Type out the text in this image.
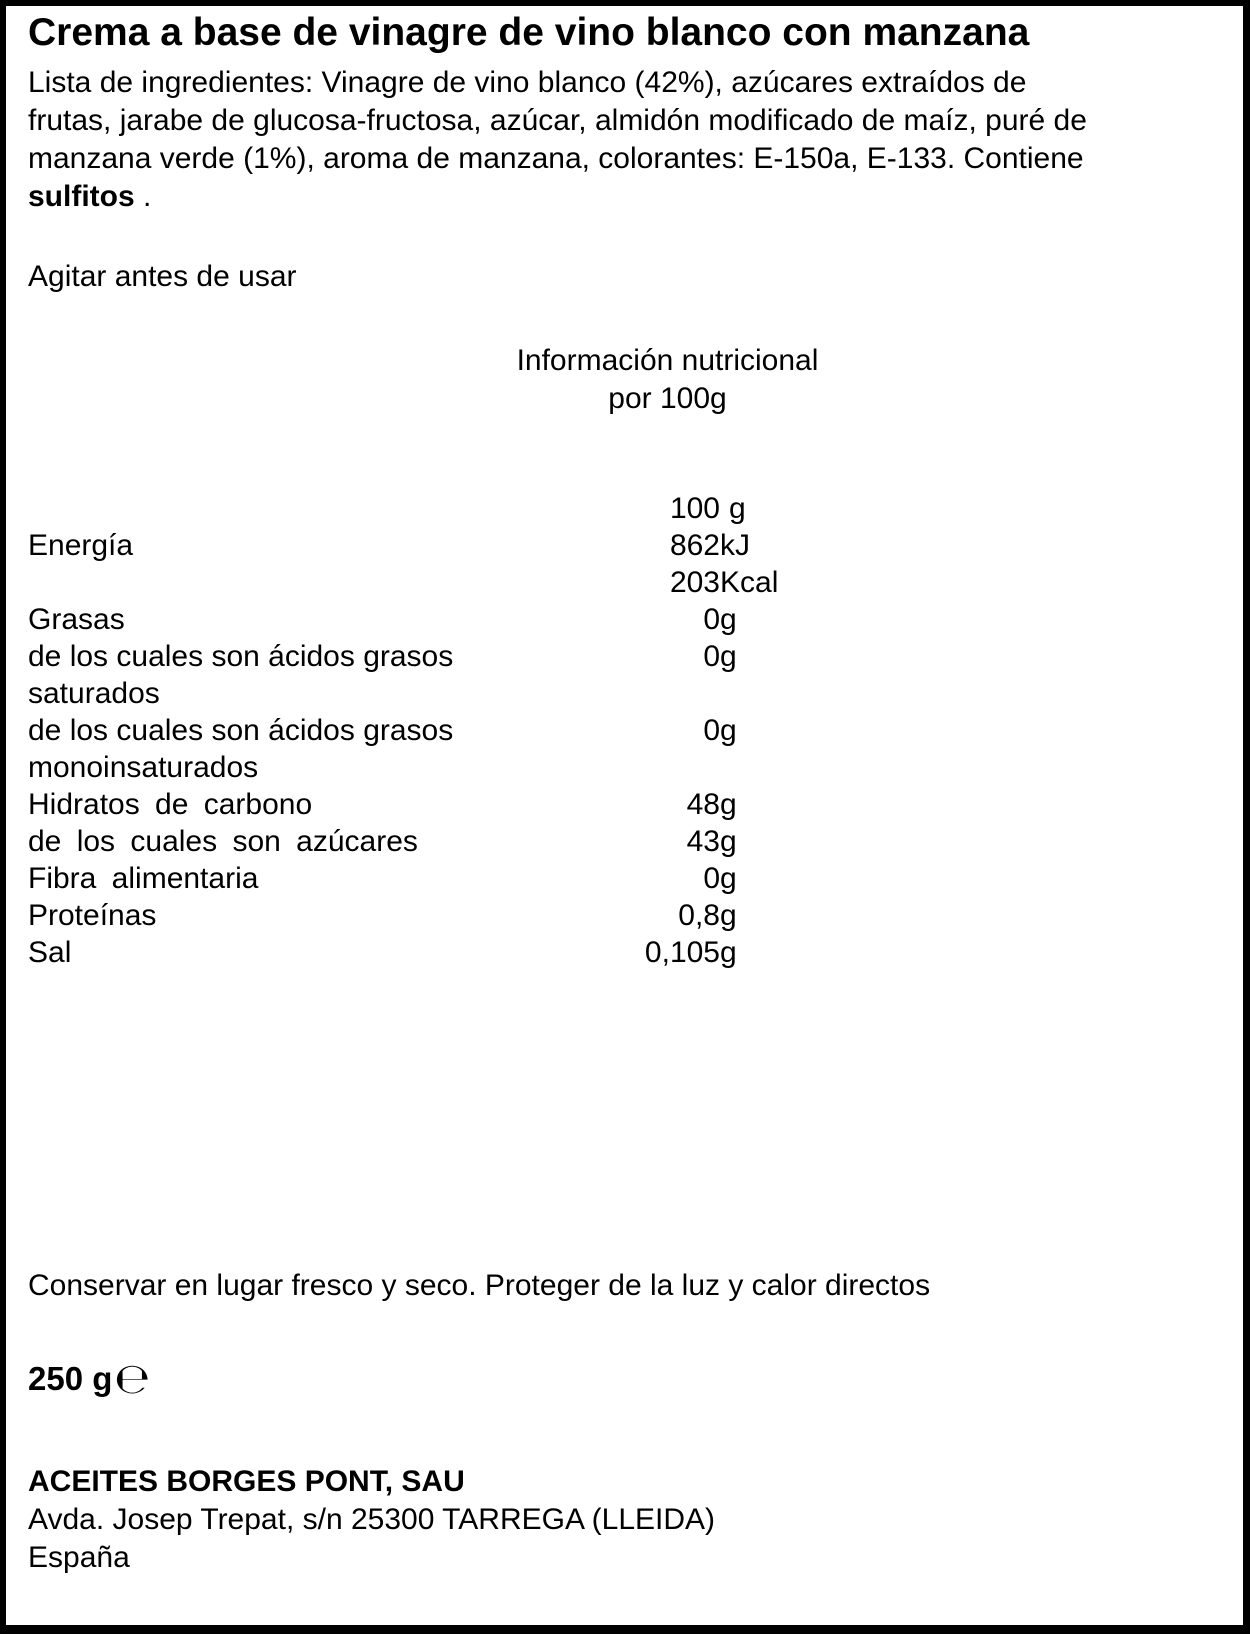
Crema a base de vinagre de vino blanco con manzana

Lista de ingredientes: Vinagre de vino blanco (42%), azúcares extraídos de
frutas, jarabe de glucosa-fructosa, azúcar, almidón modificado de maíz, puré de
manzana verde (1%), aroma de manzana, colorantes: E-150a, E-133. Contiene
sulfitos .

Agitar antes de usar
Información nutricional
por 100g
100 g
Energía	862 kJ
203 Kcal
Grasas	0 g
de los cuales son ácidos grasos	0 g
saturados
de los cuales son ácidos grasos	0 g
monoinsaturados
Hidratos de carbono	48 g
de los cuales son azúcares	43 g
Fibra alimentaria	0 g
Proteínas	0,8 g
Sal	0,105 g
Conservar en lugar fresco y seco. Proteger de la luz y calor directos
250 g ℮
ACEITES BORGES PONT, SAU
Avda. Josep Trepat, s/n 25300 TARREGA (LLEIDA)
España
